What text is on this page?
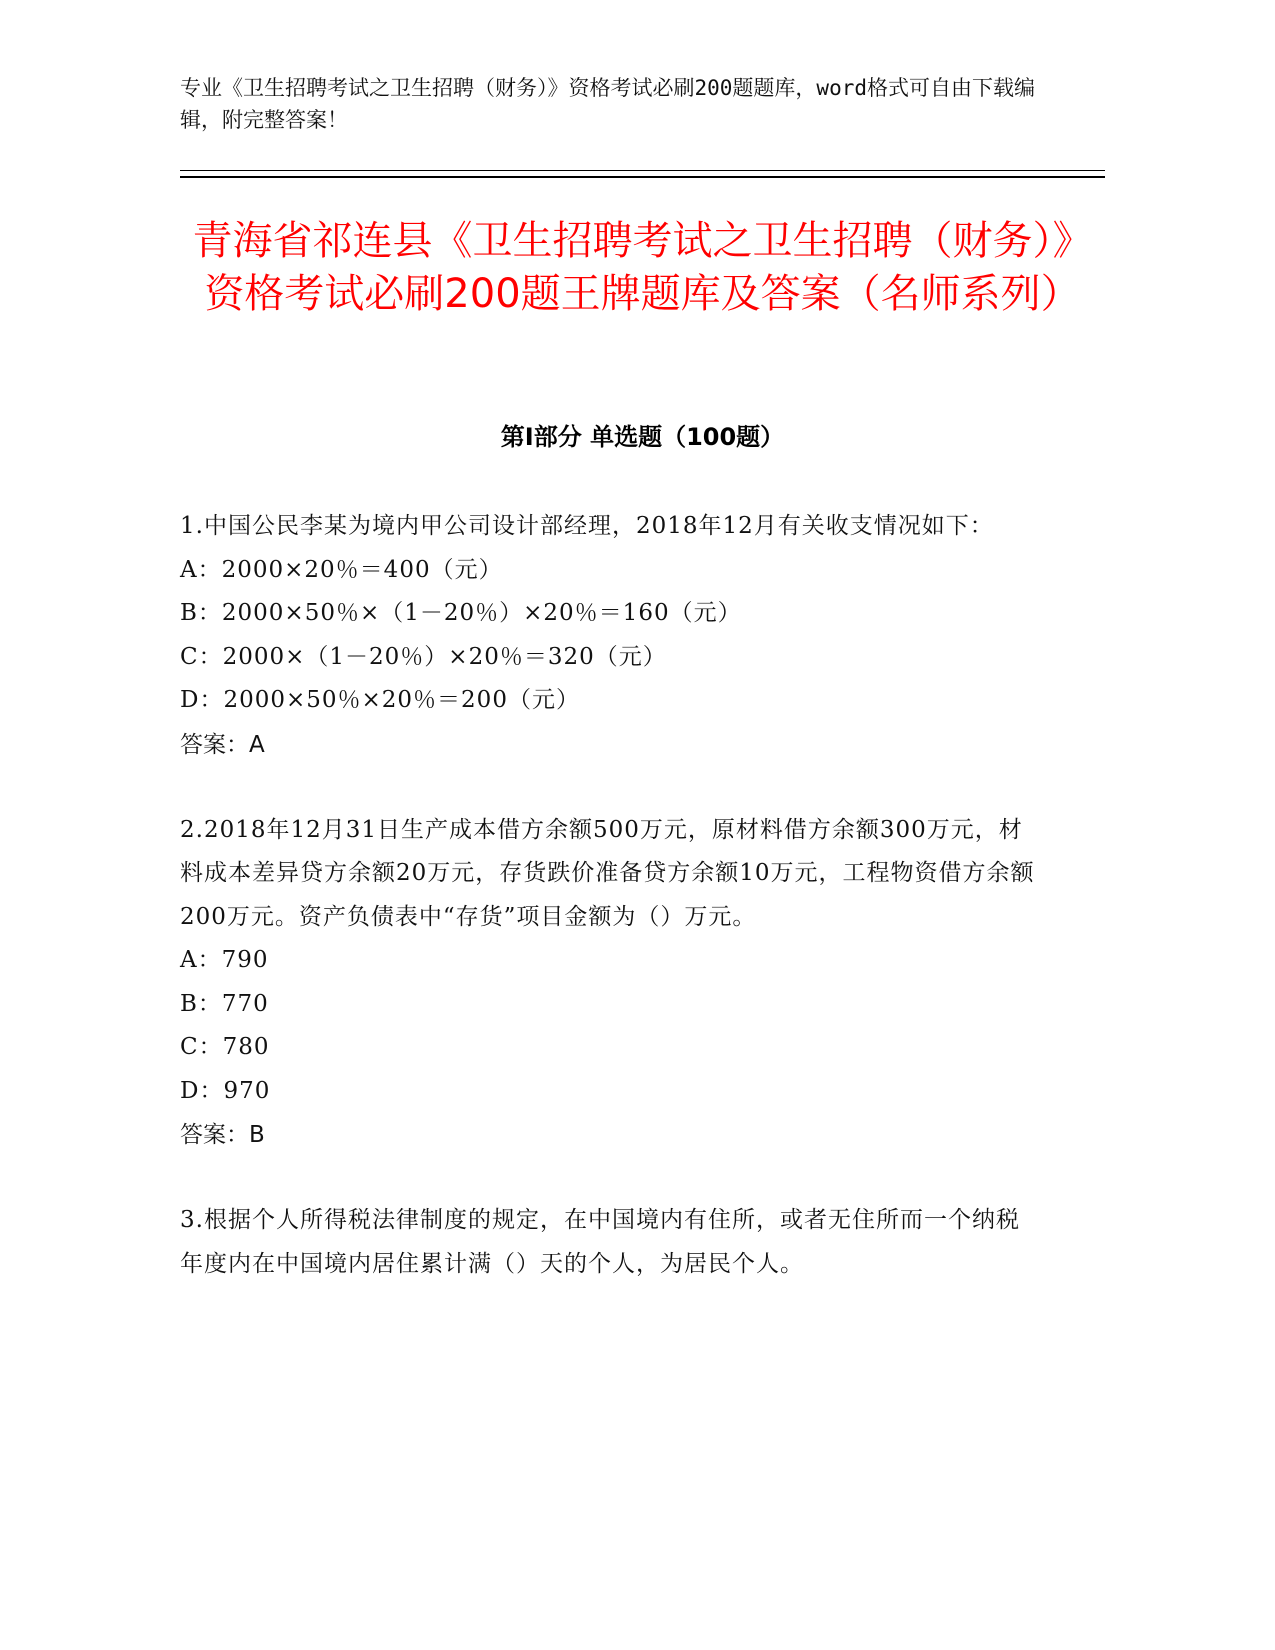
专业《卫生招聘考试之卫生招聘（财务）》资格考试必刷200题题库，word格式可自由下载编辑，附完整答案！

青海省祁连县《卫生招聘考试之卫生招聘（财务）》资格考试必刷200题王牌题库及答案（名师系列）
第Ⅰ部分 单选题（100题）

1.中国公民李某为境内甲公司设计部经理，2018年12月有关收支情况如下：

A：2000×20％＝400（元）

B：2000×50％×（1－20％）×20％＝160（元）

C：2000×（1－20％）×20％＝320（元）

D：2000×50％×20％＝200（元）

答案：A

2.2018年12月31日生产成本借方余额500万元，原材料借方余额300万元，材料成本差异贷方余额20万元，存货跌价准备贷方余额10万元，工程物资借方余额200万元。资产负债表中“存货”项目金额为（）万元。

A：790

B：770

C：780

D：970

答案：B

3.根据个人所得税法律制度的规定，在中国境内有住所，或者无住所而一个纳税年度内在中国境内居住累计满（）天的个人，为居民个人。
